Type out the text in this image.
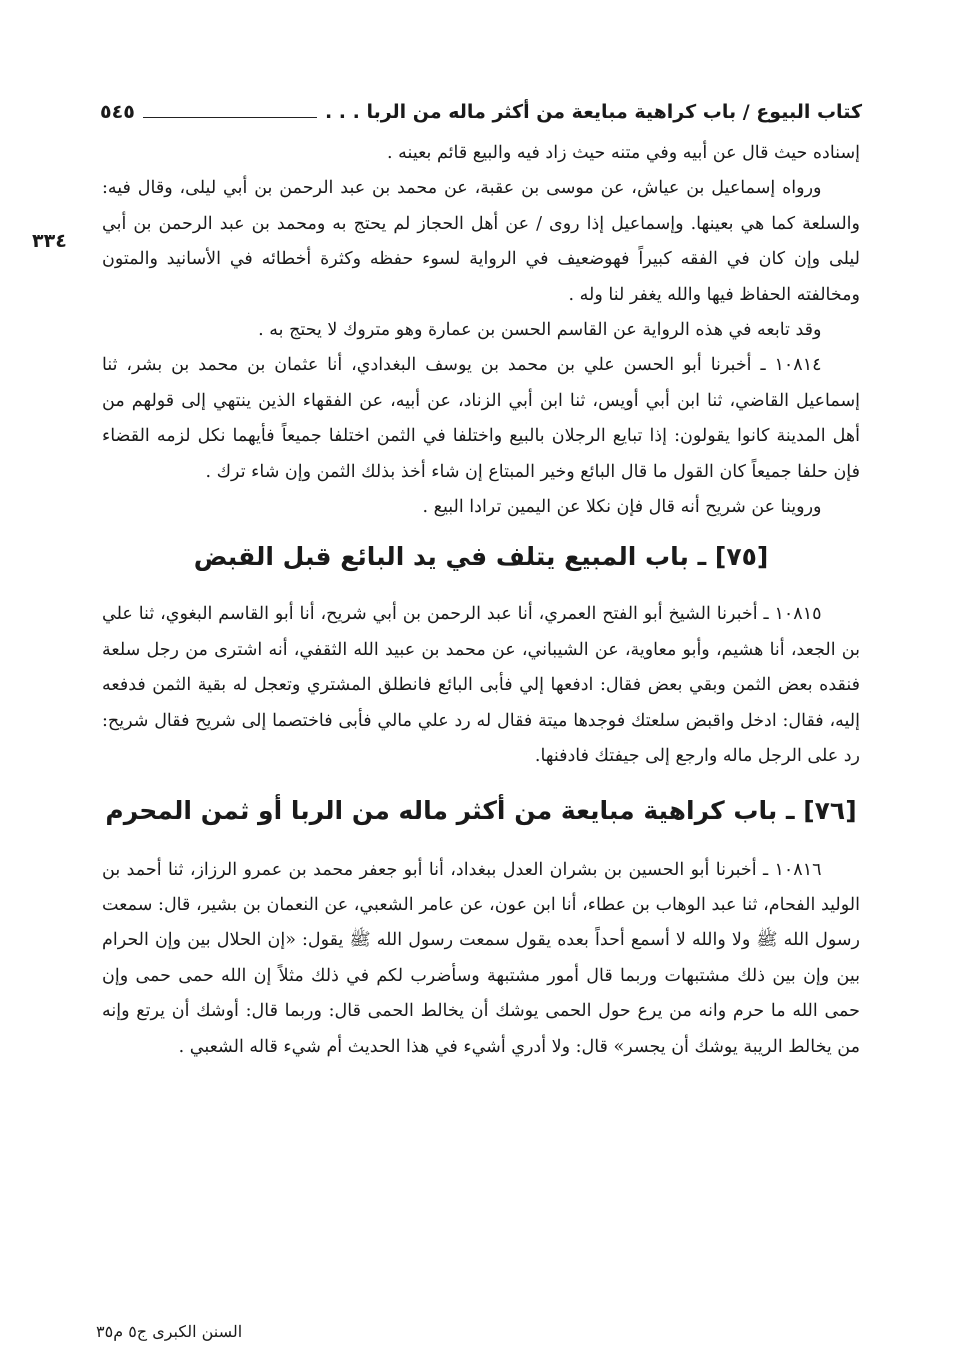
كتاب البيوع / باب كراهية مبايعة من أكثر ماله من الربا . . .
٥٤٥
٣٣٤

إسناده حيث قال عن أبيه وفي متنه حيث زاد فيه والبيع قائم بعينه .

ورواه إسماعيل بن عياش، عن موسى بن عقبة، عن محمد بن عبد الرحمن بن أبي ليلى، وقال فيه: والسلعة كما هي بعينها. وإسماعيل إذا روى / عن أهل الحجاز لم يحتج به ومحمد بن عبد الرحمن بن أبي ليلى وإن كان في الفقه كبيراً فهوضعيف في الرواية لسوء حفظه وكثرة أخطائه في الأسانيد والمتون ومخالفته الحفاظ فيها والله يغفر لنا وله .

وقد تابعه في هذه الرواية عن القاسم الحسن بن عمارة وهو متروك لا يحتج به .

١٠٨١٤ ـ أخبرنا أبو الحسن علي بن محمد بن يوسف البغدادي، أنا عثمان بن محمد بن بشر، ثنا إسماعيل القاضي، ثنا ابن أبي أويس، ثنا ابن أبي الزناد، عن أبيه، عن الفقهاء الذين ينتهي إلى قولهم من أهل المدينة كانوا يقولون: إذا تبايع الرجلان بالبيع واختلفا في الثمن اختلفا جميعاً فأيهما نكل لزمه القضاء فإن حلفا جميعاً كان القول ما قال البائع وخير المبتاع إن شاء أخذ بذلك الثمن وإن شاء ترك .

وروينا عن شريح أنه قال فإن نكلا عن اليمين ترادا البيع .

[٧٥] ـ باب المبيع يتلف في يد البائع قبل القبض

١٠٨١٥ ـ أخبرنا الشيخ أبو الفتح العمري، أنا عبد الرحمن بن أبي شريح، أنا أبو القاسم البغوي، ثنا علي بن الجعد، أنا هشيم، وأبو معاوية، عن الشيباني، عن محمد بن عبيد الله الثقفي، أنه اشترى من رجل سلعة فنقده بعض الثمن وبقي بعض فقال: ادفعها إلي فأبى البائع فانطلق المشتري وتعجل له بقية الثمن فدفعه إليه، فقال: ادخل واقبض سلعتك فوجدها ميتة فقال له رد علي مالي فأبى فاختصما إلى شريح فقال شريح: رد على الرجل ماله وارجع إلى جيفتك فادفنها.

[٧٦] ـ باب كراهية مبايعة من أكثر ماله من الربا أو ثمن المحرم

١٠٨١٦ ـ أخبرنا أبو الحسين بن بشران العدل ببغداد، أنا أبو جعفر محمد بن عمرو الرزاز، ثنا أحمد بن الوليد الفحام، ثنا عبد الوهاب بن عطاء، أنا ابن عون، عن عامر الشعبي، عن النعمان بن بشير، قال: سمعت رسول الله ﷺ ولا والله لا أسمع أحداً بعده يقول سمعت رسول الله ﷺ يقول: «إن الحلال بين وإن الحرام بين وإن بين ذلك مشتبهات وربما قال أمور مشتبهة وسأضرب لكم في ذلك مثلاً إن الله حمى حمى وإن حمى الله ما حرم وانه من يرع حول الحمى يوشك أن يخالط الحمى قال: وربما قال: أوشك أن يرتع وإنه من يخالط الريبة يوشك أن يجسر» قال: ولا أدري أشيء في هذا الحديث أم شيء قاله الشعبي .

السنن الكبرى ج٥ م٣٥
